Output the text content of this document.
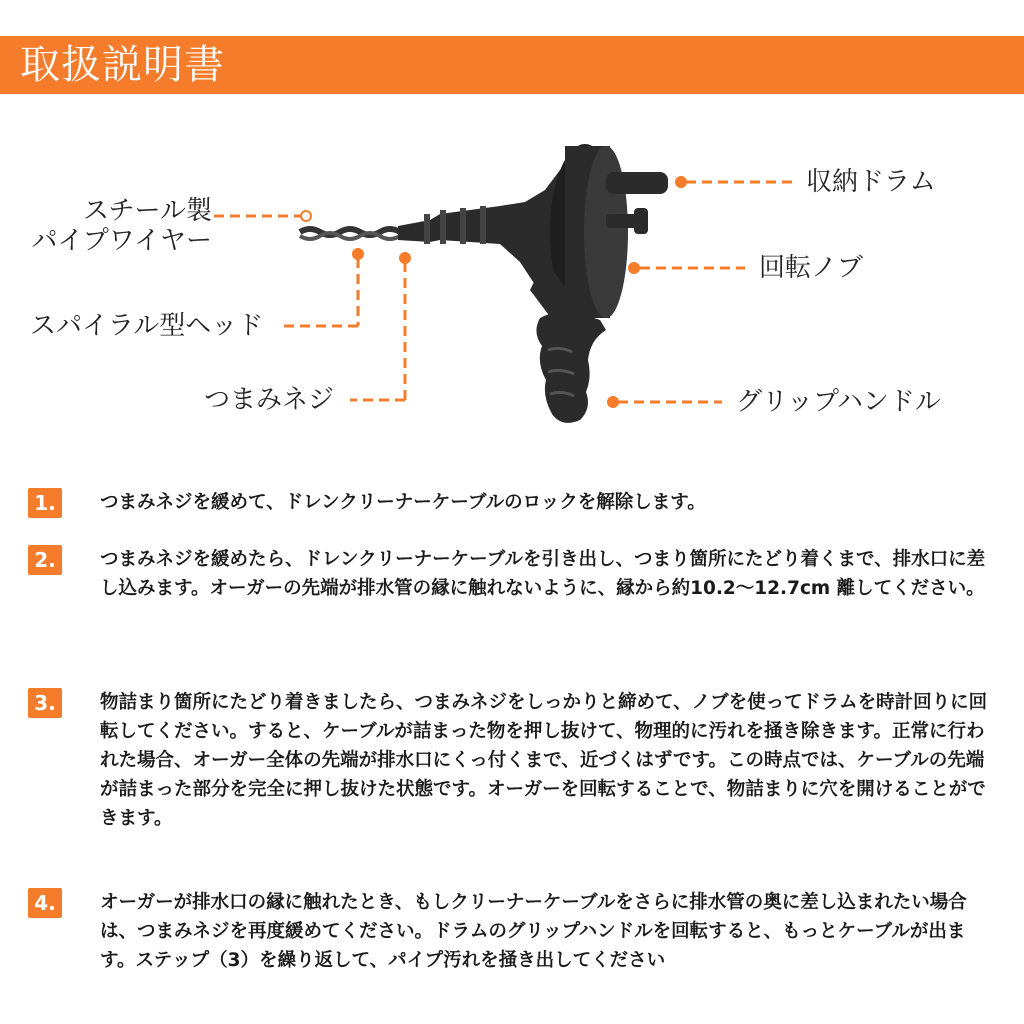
取扱説明書
スチール製
パイプワイヤー
スパイラル型ヘッド
つまみネジ
収納ドラム
回転ノブ
グリップハンドル
1.	つまみネジを緩めて、ドレンクリーナーケーブルのロックを解除します。
2.	つまみネジを緩めたら、ドレンクリーナーケーブルを引き出し、つまり箇所にたどり着くまで、排水口に差し込みます。オーガーの先端が排水管の縁に触れないように、縁から約10.2～12.7cm 離してください。
3.	物詰まり箇所にたどり着きましたら、つまみネジをしっかりと締めて、ノブを使ってドラムを時計回りに回転してください。すると、ケーブルが詰まった物を押し抜けて、物理的に汚れを掻き除きます。正常に行われた場合、オーガー全体の先端が排水口にくっ付くまで、近づくはずです。この時点では、ケーブルの先端が詰まった部分を完全に押し抜けた状態です。オーガーを回転することで、物詰まりに穴を開けることができます。
4.	オーガーが排水口の縁に触れたとき、もしクリーナーケーブルをさらに排水管の奥に差し込まれたい場合は、つまみネジを再度緩めてください。ドラムのグリップハンドルを回転すると、もっとケーブルが出ます。ステップ（3）を繰り返して、パイプ汚れを掻き出してください
